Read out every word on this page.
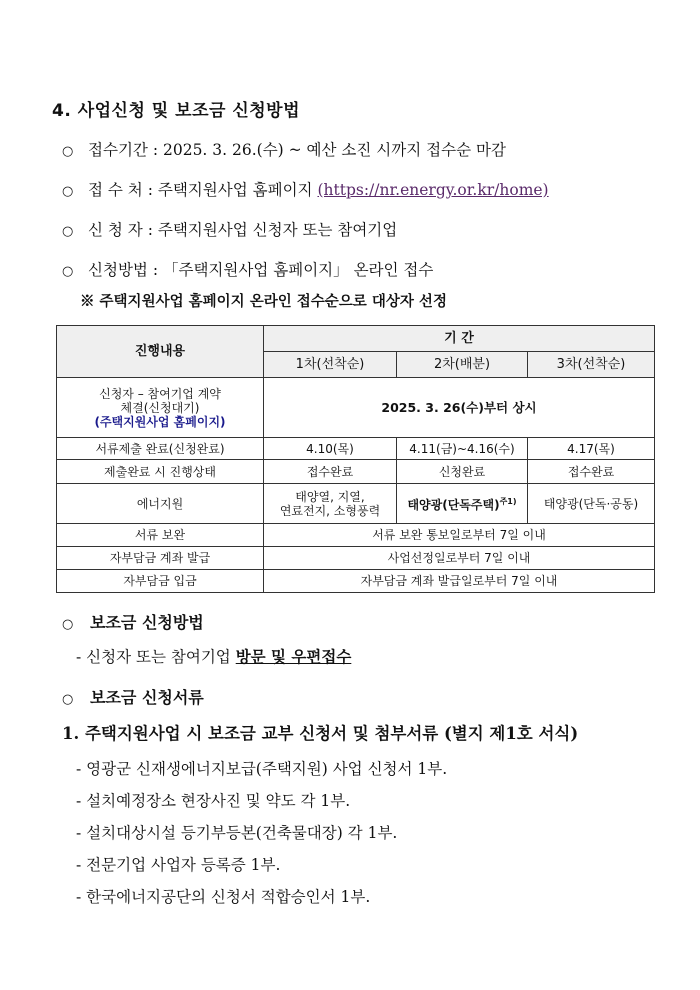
4. 사업신청 및 보조금 신청방법
○ 접수기간 : 2025. 3. 26.(수) ~ 예산 소진 시까지 접수순 마감
○ 접 수 처 : 주택지원사업 홈페이지 (https://nr.energy.or.kr/home)
○ 신 청 자 : 주택지원사업 신청자 또는 참여기업
○ 신청방법 : 「주택지원사업 홈페이지」 온라인 접수
※ 주택지원사업 홈페이지 온라인 접수순으로 대상자 선정
진행내용	기 간		
	1차(선착순)	2차(배분)	3차(선착순)

신청자 – 참여기업 계약
체결(신청대기)
(주택지원사업 홈페이지)	2025. 3. 26(수)부터 상시		
서류제출 완료(신청완료)	4.10(목)	4.11(금)~4.16(수)	4.17(목)
제출완료 시 진행상태	접수완료	신청완료	접수완료
에너지원	태양열, 지열,
연료전지, 소형풍력	태양광(단독주택)$^{주1)}$	태양광(단독·공동)
서류 보완	서류 보완 통보일로부터 7일 이내		
자부담금 계좌 발급	사업선정일로부터 7일 이내		
자부담금 입금	자부담금 계좌 발급일로부터 7일 이내		
○ 보조금 신청방법
- 신청자 또는 참여기업 방문 및 우편접수
○ 보조금 신청서류
1. 주택지원사업 시 보조금 교부 신청서 및 첨부서류 (별지 제1호 서식)
- 영광군 신재생에너지보급(주택지원) 사업 신청서 1부.
- 설치예정장소 현장사진 및 약도 각 1부.
- 설치대상시설 등기부등본(건축물대장) 각 1부.
- 전문기업 사업자 등록증 1부.
- 한국에너지공단의 신청서 적합승인서 1부.
